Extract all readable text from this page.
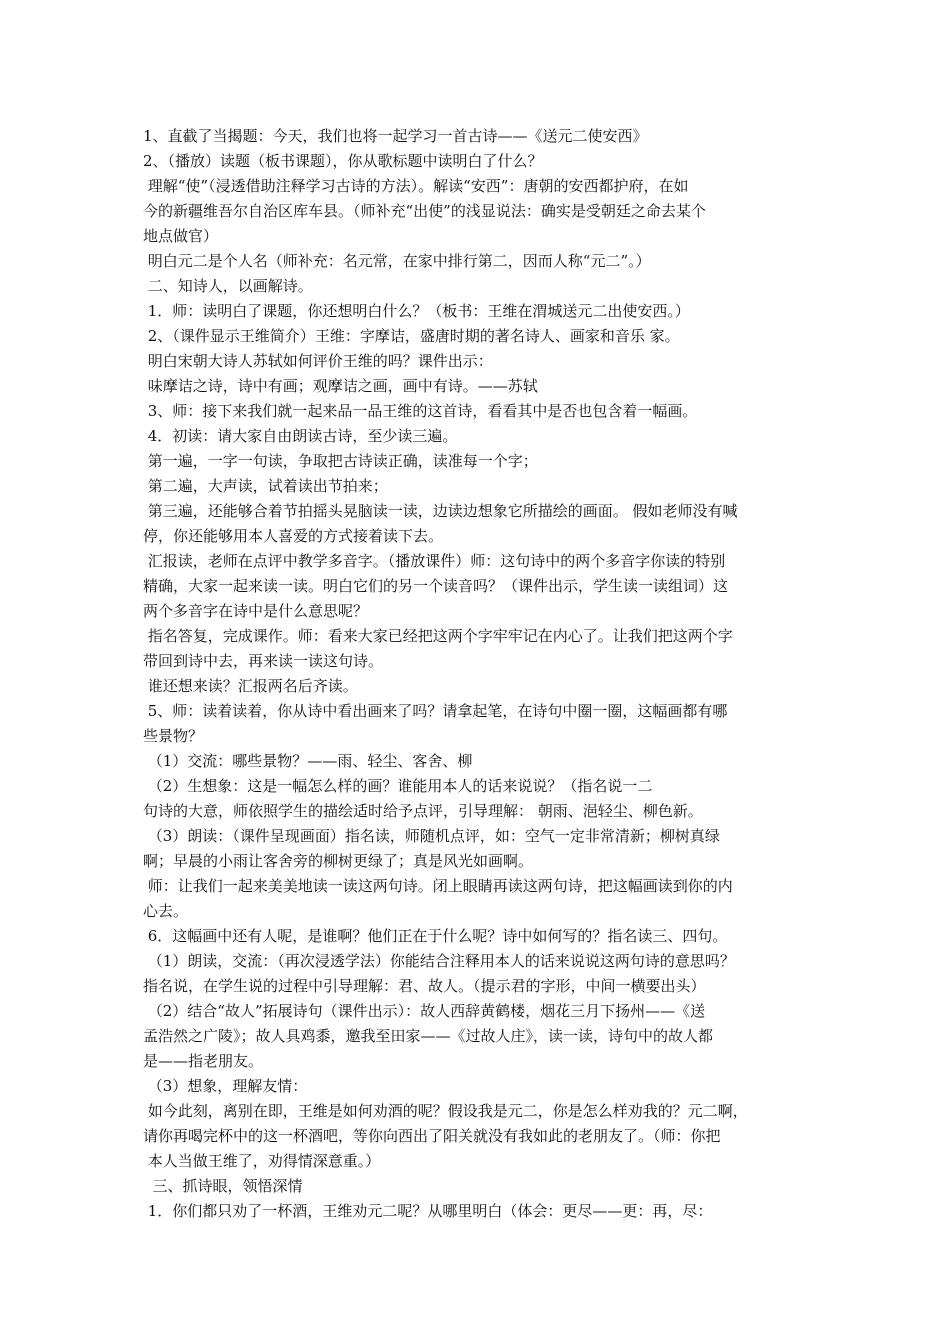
1、直截了当揭题：今天，我们也将一起学习一首古诗——《送元二使安西》
2、（播放）读题（板书课题），你从歌标题中读明白了什么？
理解“使”（浸透借助注释学习古诗的方法）。解读“安西”：唐朝的安西都护府，在如
今的新疆维吾尔自治区库车县。（师补充“出使”的浅显说法：确实是受朝廷之命去某个
地点做官）
明白元二是个人名（师补充：名元常，在家中排行第二，因而人称“元二”。）
二、知诗人，以画解诗。
1．师：读明白了课题，你还想明白什么？（板书：王维在渭城送元二出使安西。）
2、（课件显示王维简介）王维：字摩诘，盛唐时期的著名诗人、画家和音乐 家。
明白宋朝大诗人苏轼如何评价王维的吗？课件出示：
味摩诘之诗，诗中有画；观摩诘之画，画中有诗。——苏轼
3、师：接下来我们就一起来品一品王维的这首诗，看看其中是否也包含着一幅画。
4．初读：请大家自由朗读古诗，至少读三遍。
第一遍，一字一句读，争取把古诗读正确，读准每一个字；
第二遍，大声读，试着读出节拍来；
第三遍，还能够合着节拍摇头晃脑读一读，边读边想象它所描绘的画面。 假如老师没有喊
停，你还能够用本人喜爱的方式接着读下去。
汇报读，老师在点评中教学多音字。（播放课件）师：这句诗中的两个多音字你读的特别
精确，大家一起来读一读。明白它们的另一个读音吗？（课件出示，学生读一读组词）这
两个多音字在诗中是什么意思呢？
指名答复，完成课作。师：看来大家已经把这两个字牢牢记在内心了。让我们把这两个字
带回到诗中去，再来读一读这句诗。
谁还想来读？汇报两名后齐读。
5、师：读着读着，你从诗中看出画来了吗？请拿起笔，在诗句中圈一圈，这幅画都有哪
些景物？
（1）交流：哪些景物？——雨、轻尘、客舍、柳
（2）生想象：这是一幅怎么样的画？谁能用本人的话来说说？（指名说一二
句诗的大意，师依照学生的描绘适时给予点评，引导理解： 朝雨、浥轻尘、柳色新。
（3）朗读：（课件呈现画面）指名读，师随机点评，如：空气一定非常清新；柳树真绿
啊；早晨的小雨让客舍旁的柳树更绿了；真是风光如画啊。
师：让我们一起来美美地读一读这两句诗。闭上眼睛再读这两句诗，把这幅画读到你的内
心去。
6．这幅画中还有人呢，是谁啊？他们正在于什么呢？诗中如何写的？指名读三、四句。
（1）朗读，交流：（再次浸透学法）你能结合注释用本人的话来说说这两句诗的意思吗？
指名说，在学生说的过程中引导理解：君、故人。（提示君的字形，中间一横要出头）
（2）结合“故人”拓展诗句（课件出示）：故人西辞黄鹤楼，烟花三月下扬州——《送
孟浩然之广陵》；故人具鸡黍，邀我至田家——《过故人庄》，读一读，诗句中的故人都
是——指老朋友。
（3）想象，理解友情：
如今此刻，离别在即，王维是如何劝酒的呢？假设我是元二，你是怎么样劝我的？元二啊，
请你再喝完杯中的这一杯酒吧，等你向西出了阳关就没有我如此的老朋友了。（师：你把
本人当做王维了，劝得情深意重。）
三、抓诗眼，领悟深情
1．你们都只劝了一杯酒，王维劝元二呢？从哪里明白（体会：更尽——更：再，尽：
